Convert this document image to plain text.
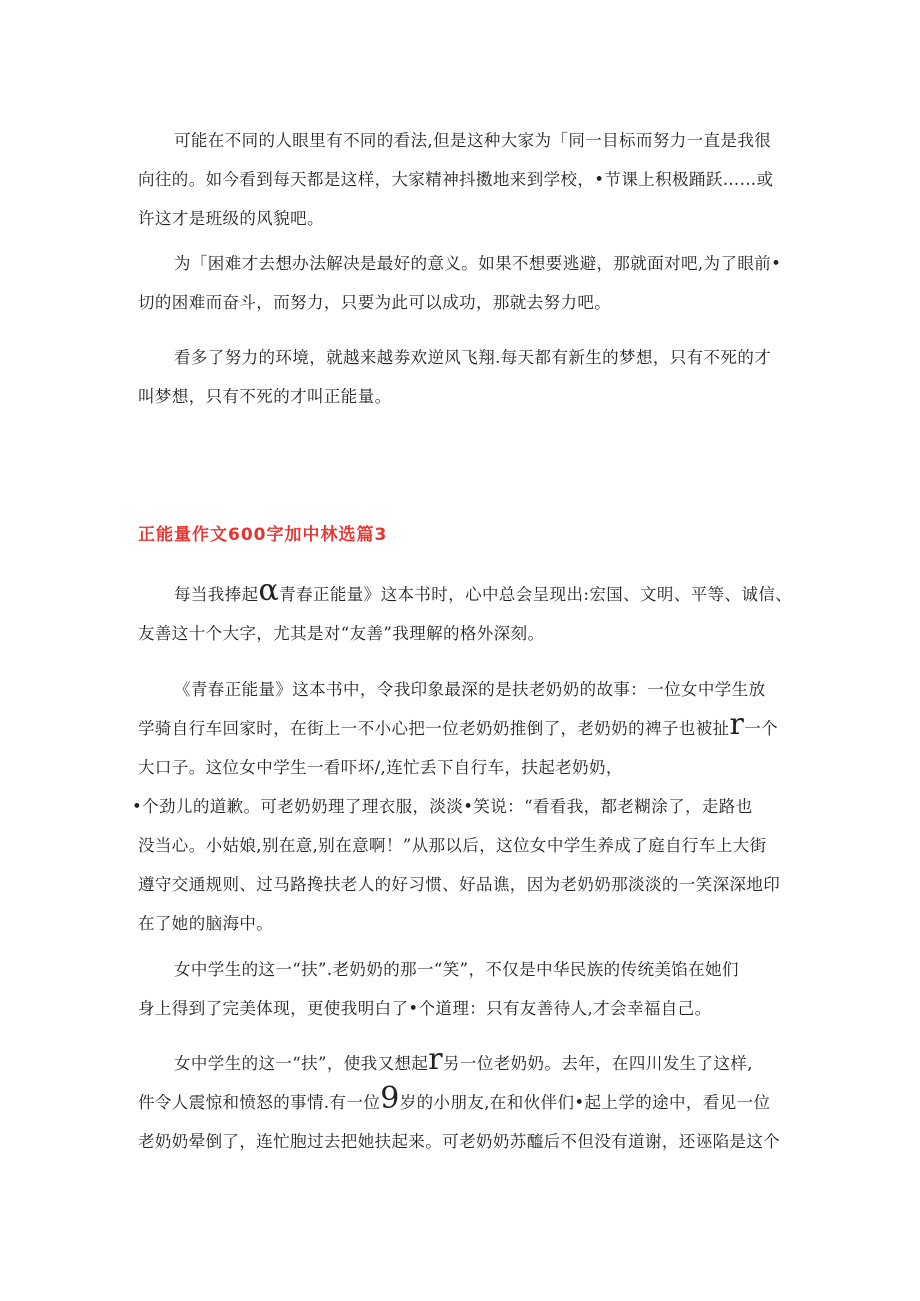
可能在不同的人眼里有不同的看法,但是这种大家为「同一目标而努力一直是我很
向往的。如今看到每天都是这样，大家精神抖擞地来到学校，•节课上积极踊跃……或
许这才是班级的风貌吧。

为「困难才去想办法解决是最好的意义。如果不想要逃避，那就面对吧,为了眼前•
切的困难而奋斗，而努力，只要为此可以成功，那就去努力吧。

看多了努力的环境，就越来越劵欢逆风飞翔.每天都有新生的梦想，只有不死的才
叫梦想，只有不死的才叫正能量。

正能量作文600字加中林选篇3

每当我捧起α青春正能量》这本书时，心中总会呈现出:宏国、文明、平等、诚信、
友善这十个大字，尤其是对“友善”我理解的格外深刻。

《青春正能量》这本书中，令我印象最深的是扶老奶奶的故事：一位女中学生放
学骑自行车回家时，在街上一不小心把一位老奶奶推倒了，老奶奶的裨子也被扯r一个
大口子。这位女中学生一看吓坏/,连忙丢下自行车，扶起老奶奶，
•个劲儿的道歉。可老奶奶理了理衣服，淡淡•笑说：“看看我，都老糊涂了，走路也
没当心。小姑娘,别在意,别在意啊！”从那以后，这位女中学生养成了庭自行车上大街
遵守交通规则、过马路搀扶老人的好习惯、好品谯，因为老奶奶那淡淡的一笑深深地印
在了她的脑海中。

女中学生的这一“扶”.老奶奶的那一“笑”，不仅是中华民族的传统美馅在她们
身上得到了完美体现，更使我明白了•个道理：只有友善待人,才会幸福自己。

女中学生的这一“扶”，使我又想起r另一位老奶奶。去年，在四川发生了这样,
件令人震惊和愤怒的事情.有一位9岁的小朋友,在和伙伴们•起上学的途中，看见一位
老奶奶晕倒了，连忙胞过去把她扶起来。可老奶奶苏醯后不但没有道谢，还诬陷是这个
